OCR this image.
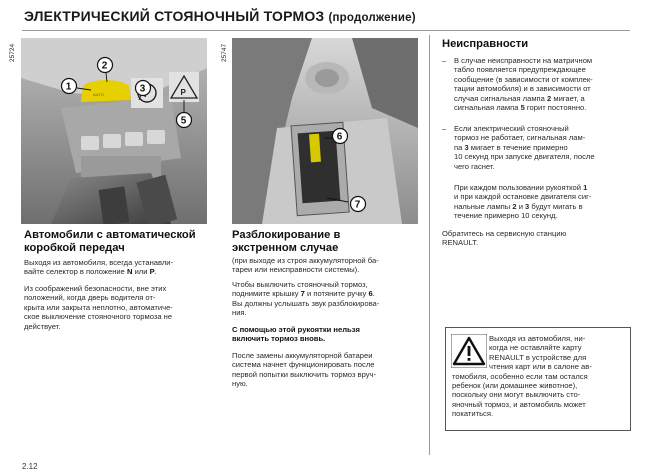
ЭЛЕКТРИЧЕСКИЙ СТОЯНОЧНЫЙ ТОРМОЗ (продолжение)
AUTO	P
1
2
3
5
25724
6
7
25747
Автомобили с автоматической
коробкой передач
Выходя из автомобиля, всегда устанавли-
вайте селектор в положение N или P.
Из соображений безопасности, вне этих
положений, когда дверь водителя от-
крыта или закрыта неплотно, автоматиче-
ское выключение стояночного тормоза не
действует.
Разблокирование в
экстренном случае
(при выходе из строя аккумуляторной ба-
тареи или неисправности системы).
Чтобы выключить стояночный тормоз,
поднимите крышку 7 и потяните ручку 6.
Вы должны услышать звук разблокирова-
ния.
С помощью этой рукоятки нельзя
включить тормоз вновь.
После замены аккумуляторной батареи
система начнет функционировать после
первой попытки выключить тормоз вруч-
ную.
Неисправности
– В случае неисправности на матричном
табло появляется предупреждающее
сообщение (в зависимости от комплек-
тации автомобиля) и в зависимости от
случая сигнальная лампа 2 мигает, а
сигнальная лампа 5 горит постоянно.
– Если электрический стояночный
тормоз не работает, сигнальная лам-
па 3 мигает в течение примерно
10 секунд при запуске двигателя, после
чего гаснет.
При каждом пользовании рукояткой 1
и при каждой остановке двигателя сиг-
нальные лампы 2 и 3 будут мигать в
течение примерно 10 секунд.
Обратитесь на сервисную станцию
RENAULT.
Выходя из автомобиля, ни-
когда не оставляйте карту
RENAULT в устройстве для
чтения карт или в салоне ав-
томобиля, особенно если там остался
ребенок (или домашнее животное),
поскольку они могут выключить сто-
яночный тормоз, и автомобиль может
покатиться.
2.12
